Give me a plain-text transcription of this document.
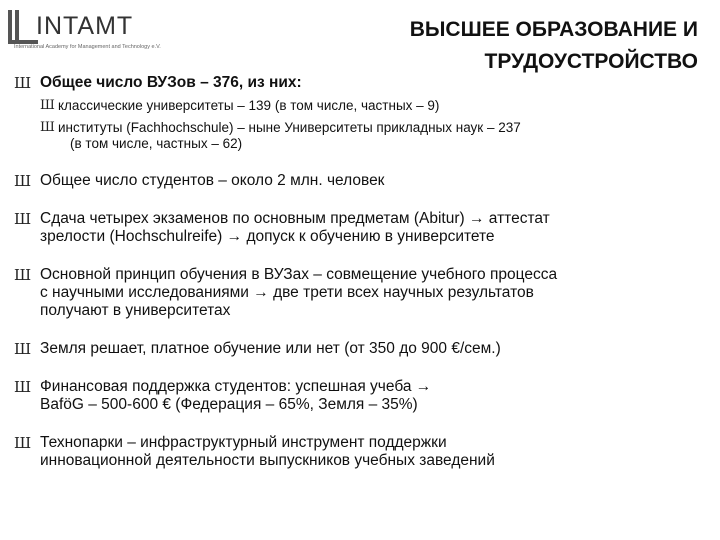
INTAMT
International Academy for Management and Technology e.V.
ВЫСШЕЕ ОБРАЗОВАНИЕ И
ТРУДОУСТРОЙСТВО
Ш Общее число ВУЗов – 376, из них:
Ш классические университеты – 139 (в том числе, частных – 9)
Ш институты (Fachhochschule) – ныне Университеты прикладных наук – 237
(в том числе, частных – 62)
Ш Общее число студентов – около 2 млн. человек
Ш Сдача четырех экзаменов по основным предметам (Abitur) → аттестат
зрелости (Hochschulreife) → допуск к обучению в университете
Ш Основной принцип обучения в ВУЗах – совмещение учебного процесса
с научными исследованиями → две трети всех научных результатов
получают в университетах
Ш Земля решает, платное обучение или нет (от 350 до 900 €/сем.)
Ш Финансовая поддержка студентов: успешная учеба →
BaföG – 500-600 € (Федерация – 65%, Земля – 35%)
Ш Технопарки – инфраструктурный инструмент поддержки
инновационной деятельности выпускников учебных заведений
